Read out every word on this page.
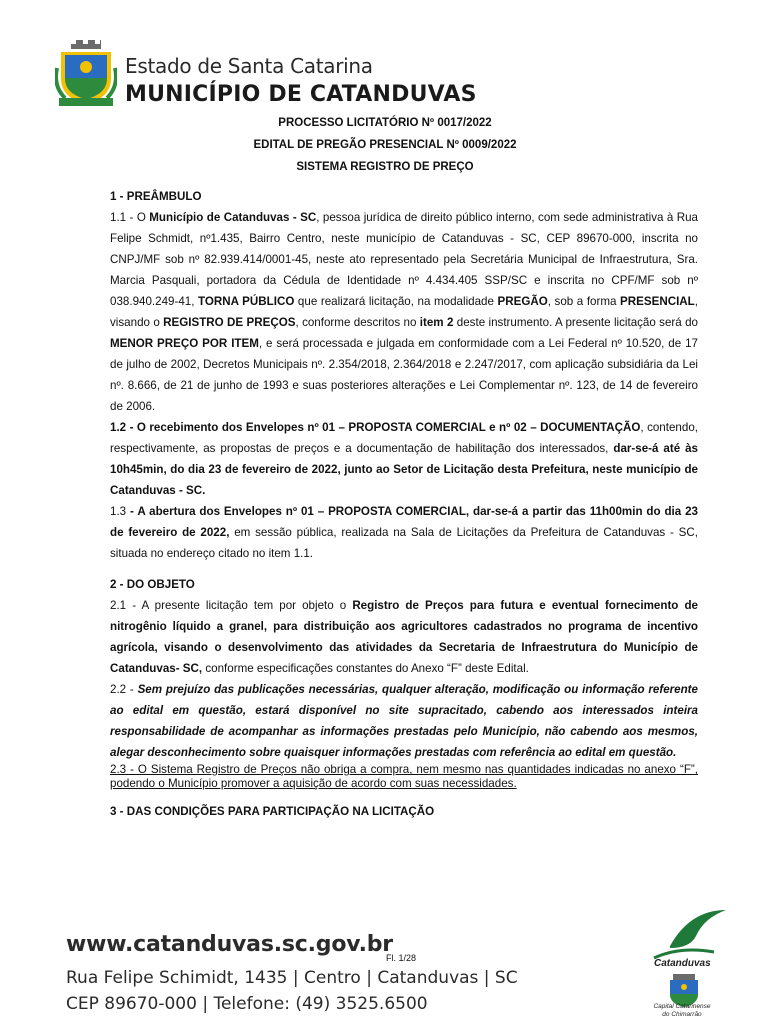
Estado de Santa Catarina
MUNICÍPIO DE CATANDUVAS
PROCESSO LICITATÓRIO Nº 0017/2022
EDITAL DE PREGÃO PRESENCIAL Nº 0009/2022
SISTEMA REGISTRO DE PREÇO

1 - PREÂMBULO

1.1 - O Município de Catanduvas - SC, pessoa jurídica de direito público interno, com sede administrativa à Rua Felipe Schmidt, nº1.435, Bairro Centro, neste município de Catanduvas - SC, CEP 89670-000, inscrita no CNPJ/MF sob nº 82.939.414/0001-45, neste ato representado pela Secretária Municipal de Infraestrutura, Sra. Marcia Pasquali, portadora da Cédula de Identidade nº 4.434.405 SSP/SC e inscrita no CPF/MF sob nº 038.940.249-41, TORNA PÚBLICO que realizará licitação, na modalidade PREGÃO, sob a forma PRESENCIAL, visando o REGISTRO DE PREÇOS, conforme descritos no item 2 deste instrumento. A presente licitação será do MENOR PREÇO POR ITEM, e será processada e julgada em conformidade com a Lei Federal nº 10.520, de 17 de julho de 2002, Decretos Municipais nº. 2.354/2018, 2.364/2018 e 2.247/2017, com aplicação subsidiária da Lei nº. 8.666, de 21 de junho de 1993 e suas posteriores alterações e Lei Complementar nº. 123, de 14 de fevereiro de 2006.

1.2 - O recebimento dos Envelopes nº 01 – PROPOSTA COMERCIAL e nº 02 – DOCUMENTAÇÃO, contendo, respectivamente, as propostas de preços e a documentação de habilitação dos interessados, dar-se-á até às 10h45min, do dia 23 de fevereiro de 2022, junto ao Setor de Licitação desta Prefeitura, neste município de Catanduvas - SC.

1.3 - A abertura dos Envelopes nº 01 – PROPOSTA COMERCIAL, dar-se-á a partir das 11h00min do dia 23 de fevereiro de 2022, em sessão pública, realizada na Sala de Licitações da Prefeitura de Catanduvas - SC, situada no endereço citado no item 1.1.

2 - DO OBJETO

2.1 - A presente licitação tem por objeto o Registro de Preços para futura e eventual fornecimento de nitrogênio líquido a granel, para distribuição aos agricultores cadastrados no programa de incentivo agrícola, visando o desenvolvimento das atividades da Secretaria de Infraestrutura do Município de Catanduvas- SC, conforme especificações constantes do Anexo “F” deste Edital.

2.2 - Sem prejuízo das publicações necessárias, qualquer alteração, modificação ou informação referente ao edital em questão, estará disponível no site supracitado, cabendo aos interessados inteira responsabilidade de acompanhar as informações prestadas pelo Município, não cabendo aos mesmos, alegar desconhecimento sobre quaisquer informações prestadas com referência ao edital em questão.

2.3 - O Sistema Registro de Preços não obriga a compra, nem mesmo nas quantidades indicadas no anexo “F”, podendo o Município promover a aquisição de acordo com suas necessidades.

3 - DAS CONDIÇÕES PARA PARTICIPAÇÃO NA LICITAÇÃO

www.catanduvas.sc.gov.br
Fl. 1/28
Rua Felipe Schimidt, 1435 | Centro | Catanduvas | SC
CEP 89670-000 | Telefone: (49) 3525.6500
Catanduvas
Capital Catarinense do Chimarrão
